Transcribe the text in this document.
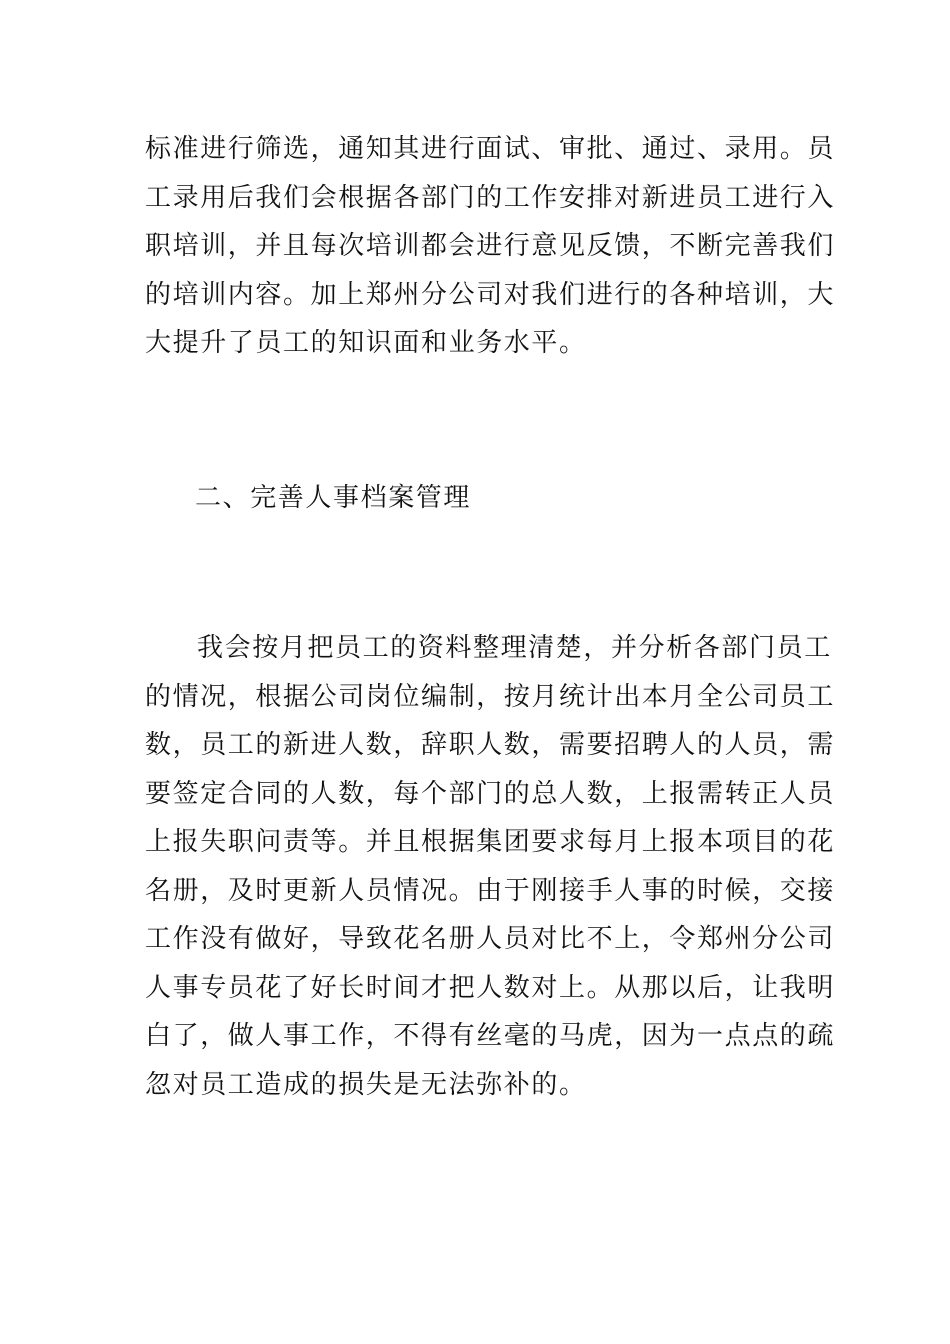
标准进行筛选，通知其进行面试、审批、通过、录用。员
工录用后我们会根据各部门的工作安排对新进员工进行入
职培训，并且每次培训都会进行意见反馈，不断完善我们
的培训内容。加上郑州分公司对我们进行的各种培训，大
大提升了员工的知识面和业务水平。
二、完善人事档案管理
我会按月把员工的资料整理清楚，并分析各部门员工
的情况，根据公司岗位编制，按月统计出本月全公司员工
数，员工的新进人数，辞职人数，需要招聘人的人员，需
要签定合同的人数，每个部门的总人数，上报需转正人员
上报失职问责等。并且根据集团要求每月上报本项目的花
名册，及时更新人员情况。由于刚接手人事的时候，交接
工作没有做好，导致花名册人员对比不上，令郑州分公司
人事专员花了好长时间才把人数对上。从那以后，让我明
白了，做人事工作，不得有丝毫的马虎，因为一点点的疏
忽对员工造成的损失是无法弥补的。
